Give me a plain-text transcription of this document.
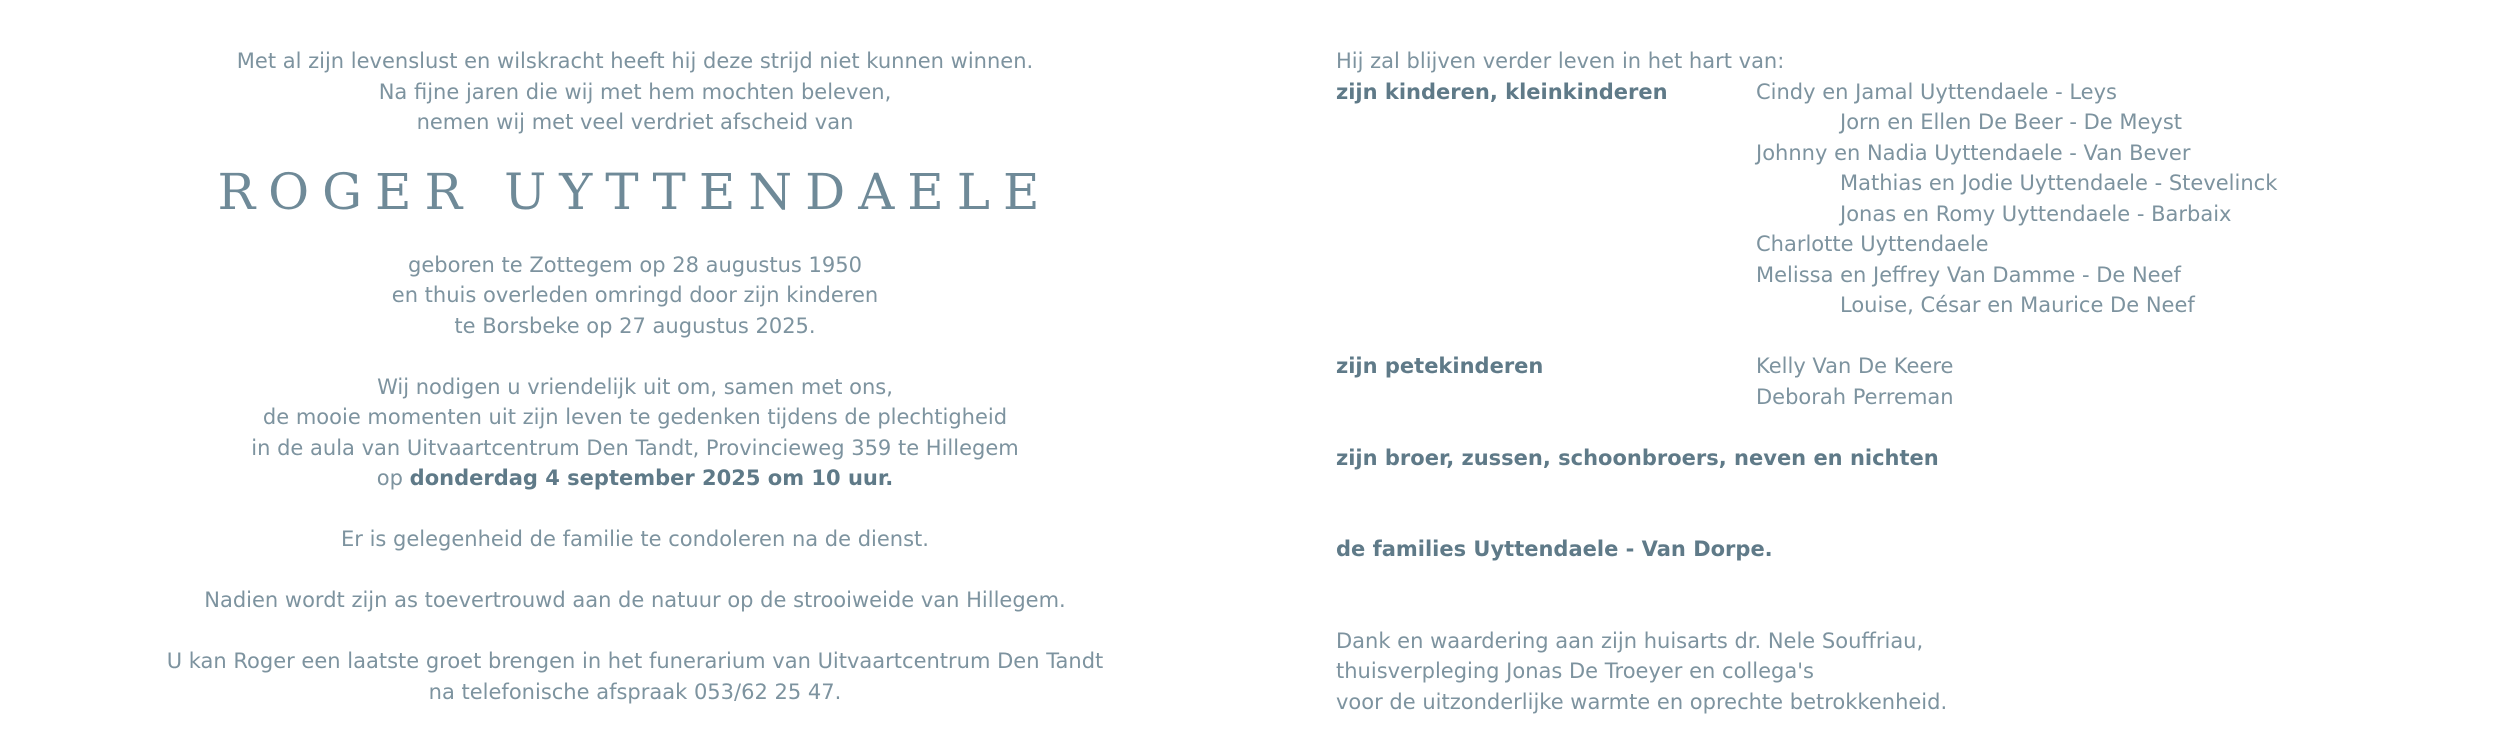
Met al zijn levenslust en wilskracht heeft hij deze strijd niet kunnen winnen.

Na fijne jaren die wij met hem mochten beleven,

nemen wij met veel verdriet afscheid van

ROGER UYTTENDAELE

geboren te Zottegem op 28 augustus 1950

en thuis overleden omringd door zijn kinderen

te Borsbeke op 27 augustus 2025.

Wij nodigen u vriendelijk uit om, samen met ons,

de mooie momenten uit zijn leven te gedenken tijdens de plechtigheid

in de aula van Uitvaartcentrum Den Tandt, Provincieweg 359 te Hillegem

op donderdag 4 september 2025 om 10 uur.

Er is gelegenheid de familie te condoleren na de dienst.

Nadien wordt zijn as toevertrouwd aan de natuur op de strooiweide van Hillegem.

U kan Roger een laatste groet brengen in het funerarium van Uitvaartcentrum Den Tandt

na telefonische afspraak 053/62 25 47.

Hij zal blijven verder leven in het hart van:
zijn kinderen, kleinkinderen	Cindy en Jamal Uyttendaele - Leys
Jorn en Ellen De Beer - De Meyst
Johnny en Nadia Uyttendaele - Van Bever
Mathias en Jodie Uyttendaele - Stevelinck
Jonas en Romy Uyttendaele - Barbaix
Charlotte Uyttendaele
Melissa en Jeffrey Van Damme - De Neef
Louise, César en Maurice De Neef
zijn petekinderen	Kelly Van De Keere
Deborah Perreman
zijn broer, zussen, schoonbroers, neven en nichten
de families Uyttendaele - Van Dorpe.
Dank en waardering aan zijn huisarts dr. Nele Souffriau,
thuisverpleging Jonas De Troeyer en collega's
voor de uitzonderlijke warmte en oprechte betrokkenheid.
